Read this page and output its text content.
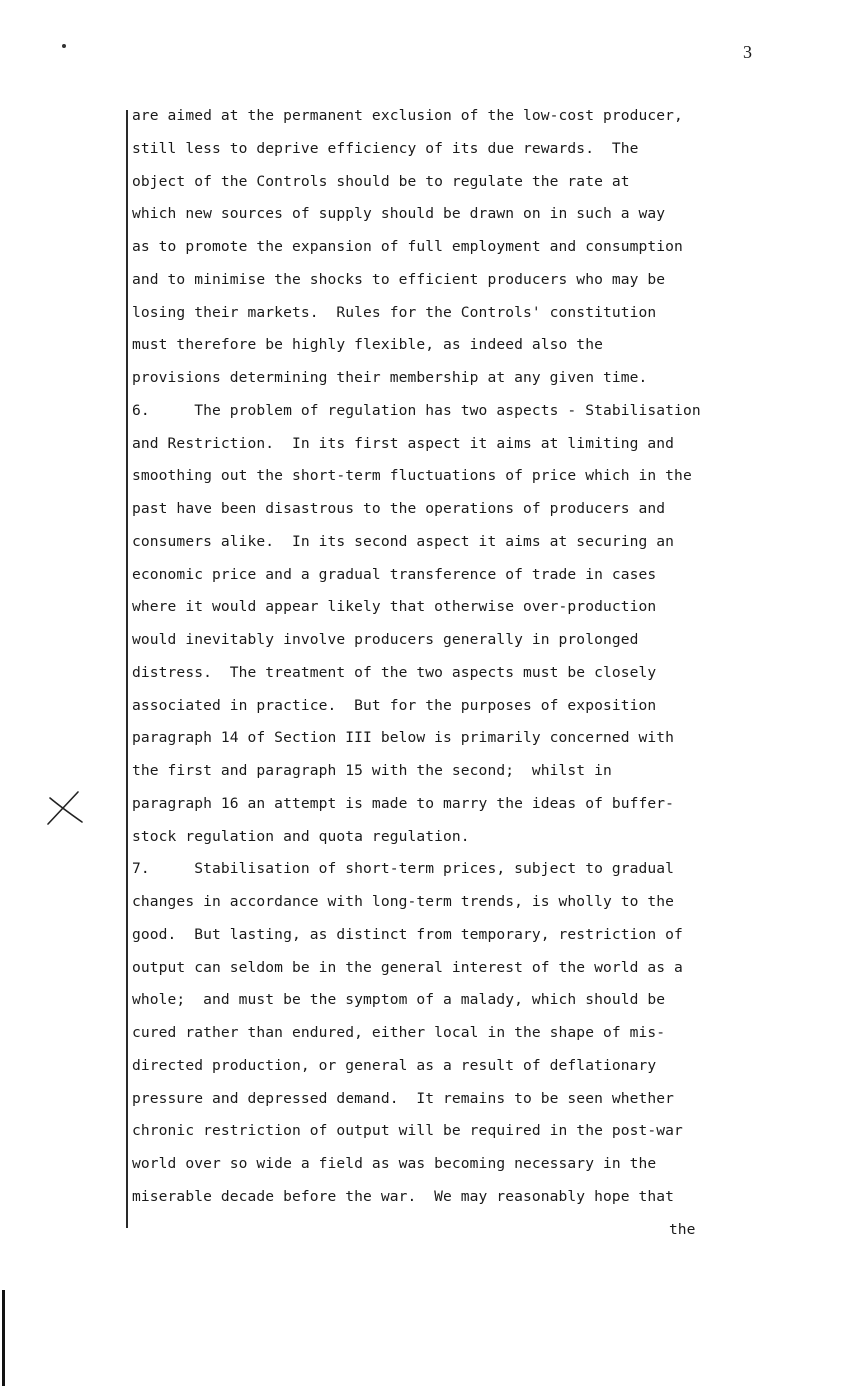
3
are aimed at the permanent exclusion of the low-cost producer,
still less to deprive efficiency of its due rewards.  The
object of the Controls should be to regulate the rate at
which new sources of supply should be drawn on in such a way
as to promote the expansion of full employment and consumption
and to minimise the shocks to efficient producers who may be
losing their markets.  Rules for the Controls' constitution
must therefore be highly flexible, as indeed also the
provisions determining their membership at any given time.
6.     The problem of regulation has two aspects - Stabilisation
and Restriction.  In its first aspect it aims at limiting and
smoothing out the short-term fluctuations of price which in the
past have been disastrous to the operations of producers and
consumers alike.  In its second aspect it aims at securing an
economic price and a gradual transference of trade in cases
where it would appear likely that otherwise over-production
would inevitably involve producers generally in prolonged
distress.  The treatment of the two aspects must be closely
associated in practice.  But for the purposes of exposition
paragraph 14 of Section III below is primarily concerned with
the first and paragraph 15 with the second;  whilst in
paragraph 16 an attempt is made to marry the ideas of buffer-
stock regulation and quota regulation.
7.     Stabilisation of short-term prices, subject to gradual
changes in accordance with long-term trends, is wholly to the
good.  But lasting, as distinct from temporary, restriction of
output can seldom be in the general interest of the world as a
whole;  and must be the symptom of a malady, which should be
cured rather than endured, either local in the shape of mis-
directed production, or general as a result of deflationary
pressure and depressed demand.  It remains to be seen whether
chronic restriction of output will be required in the post-war
world over so wide a field as was becoming necessary in the
miserable decade before the war.  We may reasonably hope that
the
